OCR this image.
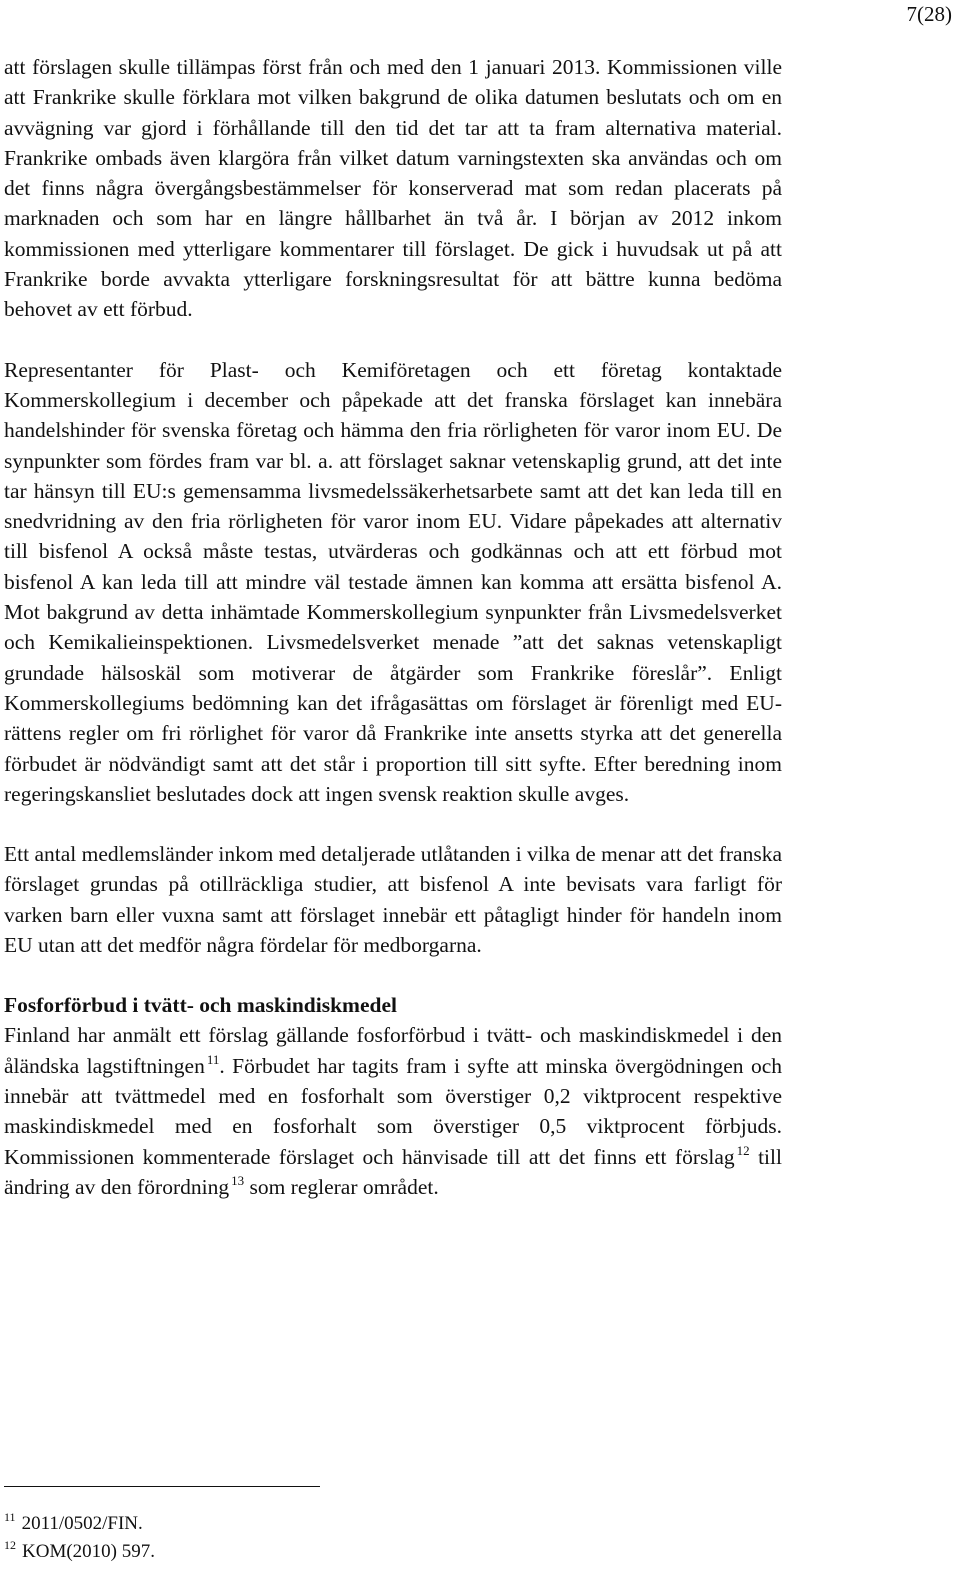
7(28)

att förslagen skulle tillämpas först från och med den 1 januari 2013. Kommissionen ville att Frankrike skulle förklara mot vilken bakgrund de olika datumen beslutats och om en avvägning var gjord i förhållande till den tid det tar att ta fram alternativa material. Frankrike ombads även klargöra från vilket datum varningstexten ska användas och om det finns några övergångsbestämmelser för konserverad mat som redan placerats på marknaden och som har en längre hållbarhet än två år. I början av 2012 inkom kommissionen med ytterligare kommentarer till förslaget. De gick i huvudsak ut på att Frankrike borde avvakta ytterligare forskningsresultat för att bättre kunna bedöma behovet av ett förbud.

Representanter för Plast- och Kemiföretagen och ett företag kontaktade Kommerskollegium i december och påpekade att det franska förslaget kan innebära handelshinder för svenska företag och hämma den fria rörligheten för varor inom EU. De synpunkter som fördes fram var bl. a. att förslaget saknar vetenskaplig grund, att det inte tar hänsyn till EU:s gemensamma livsmedelssäkerhetsarbete samt att det kan leda till en snedvridning av den fria rörligheten för varor inom EU. Vidare påpekades att alternativ till bisfenol A också måste testas, utvärderas och godkännas och att ett förbud mot bisfenol A kan leda till att mindre väl testade ämnen kan komma att ersätta bisfenol A. Mot bakgrund av detta inhämtade Kommerskollegium synpunkter från Livsmedelsverket och Kemikalieinspektionen. Livsmedelsverket menade ”att det saknas vetenskapligt grundade hälsoskäl som motiverar de åtgärder som Frankrike föreslår”. Enligt Kommerskollegiums bedömning kan det ifrågasättas om förslaget är förenligt med EU-rättens regler om fri rörlighet för varor då Frankrike inte ansetts styrka att det generella förbudet är nödvändigt samt att det står i proportion till sitt syfte. Efter beredning inom regeringskansliet beslutades dock att ingen svensk reaktion skulle avges.

Ett antal medlemsländer inkom med detaljerade utlåtanden i vilka de menar att det franska förslaget grundas på otillräckliga studier, att bisfenol A inte bevisats vara farligt för varken barn eller vuxna samt att förslaget innebär ett påtagligt hinder för handeln inom EU utan att det medför några fördelar för medborgarna.

Fosforförbud i tvätt- och maskindiskmedel

Finland har anmält ett förslag gällande fosforförbud i tvätt- och maskindiskmedel i den åländska lagstiftningen $^{11}$. Förbudet har tagits fram i syfte att minska övergödningen och innebär att tvättmedel med en fosforhalt som överstiger 0,2 viktprocent respektive maskindiskmedel med en fosforhalt som överstiger 0,5 viktprocent förbjuds. Kommissionen kommenterade förslaget och hänvisade till att det finns ett förslag $^{12}$ till ändring av den förordning $^{13}$ som reglerar området.

$^{11}$ 2011/0502/FIN.
$^{12}$ KOM(2010) 597.
